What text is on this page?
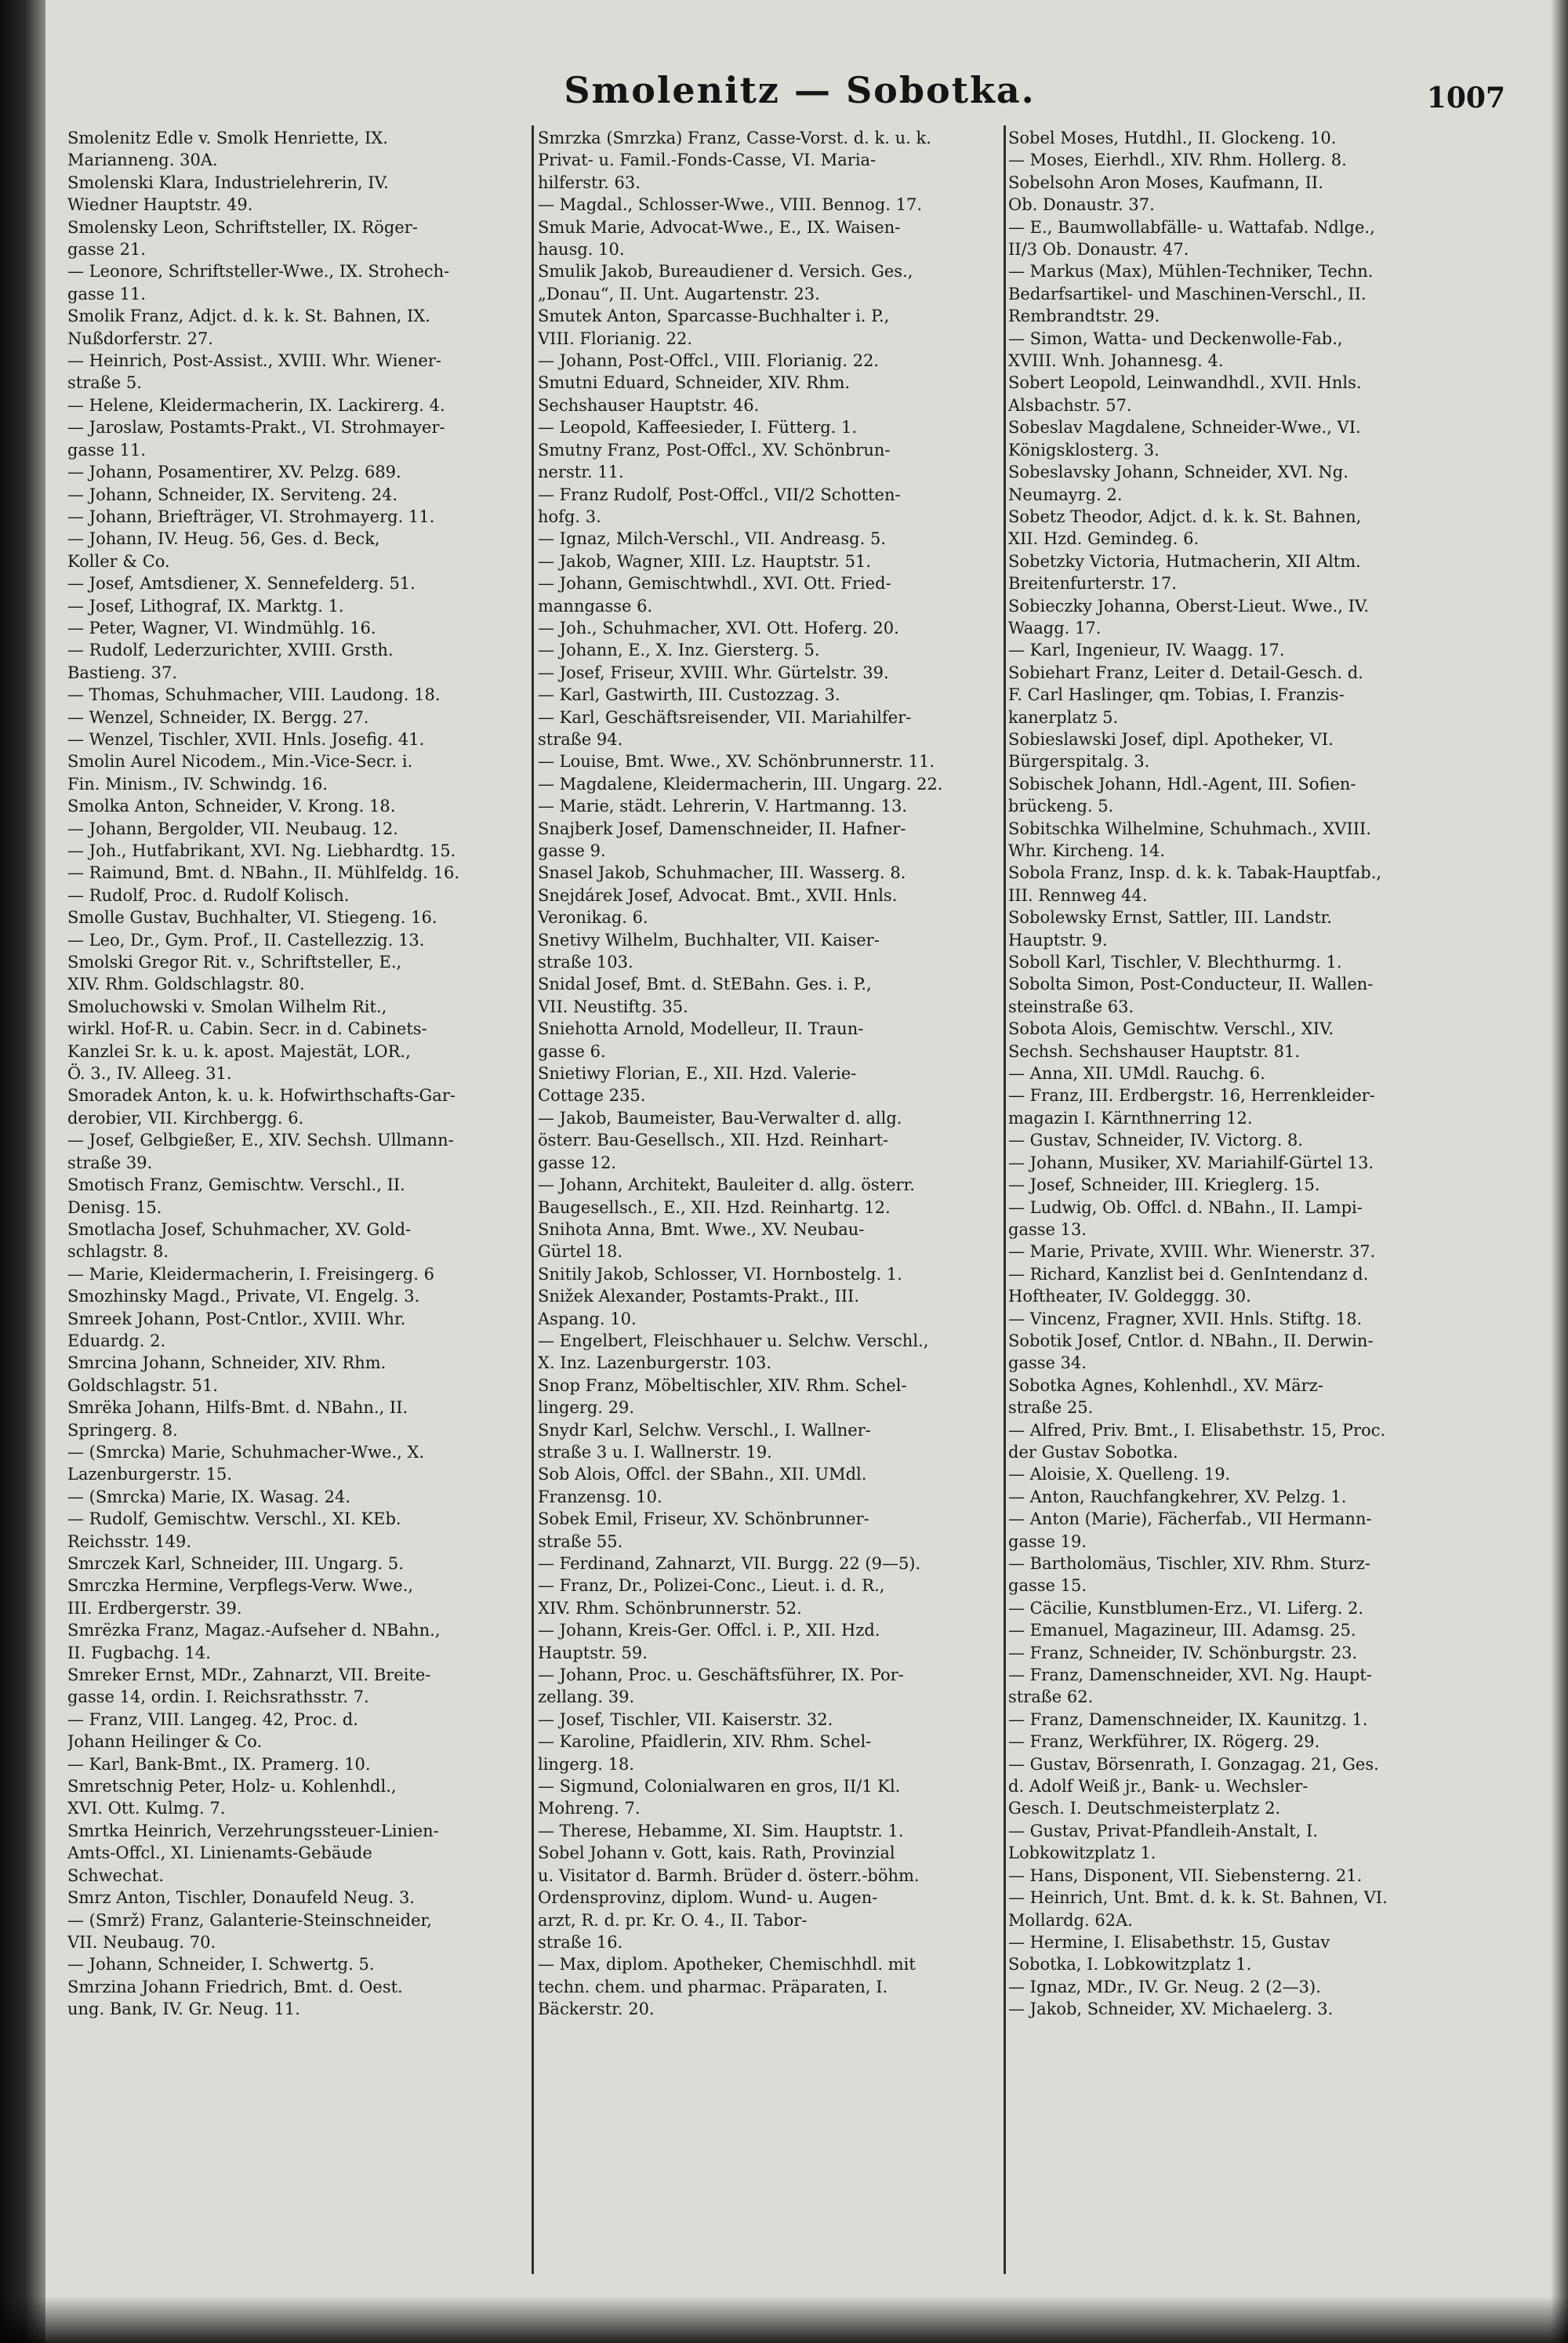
Smolenitz — Sobotka.	1007

Smolenitz Edle v. Smolk Henriette, IX.

Marianneng. 30A.

Smolenski Klara, Industrielehrerin, IV.

Wiedner Hauptstr. 49.

Smolensky Leon, Schriftsteller, IX. Röger-

gasse 21.

— Leonore, Schriftsteller-Wwe., IX. Strohech-

gasse 11.

Smolik Franz, Adjct. d. k. k. St. Bahnen, IX.

Nußdorferstr. 27.

— Heinrich, Post-Assist., XVIII. Whr. Wiener-

straße 5.

— Helene, Kleidermacherin, IX. Lackirerg. 4.

— Jaroslaw, Postamts-Prakt., VI. Strohmayer-

gasse 11.

— Johann, Posamentirer, XV. Pelzg. 689.

— Johann, Schneider, IX. Serviteng. 24.

— Johann, Briefträger, VI. Strohmayerg. 11.

— Johann, IV. Heug. 56, Ges. d. Beck,

Koller & Co.

— Josef, Amtsdiener, X. Sennefelderg. 51.

— Josef, Lithograf, IX. Marktg. 1.

— Peter, Wagner, VI. Windmühlg. 16.

— Rudolf, Lederzurichter, XVIII. Grsth.

Bastieng. 37.

— Thomas, Schuhmacher, VIII. Laudong. 18.

— Wenzel, Schneider, IX. Bergg. 27.

— Wenzel, Tischler, XVII. Hnls. Josefig. 41.

Smolin Aurel Nicodem., Min.-Vice-Secr. i.

Fin. Minism., IV. Schwindg. 16.

Smolka Anton, Schneider, V. Krong. 18.

— Johann, Bergolder, VII. Neubaug. 12.

— Joh., Hutfabrikant, XVI. Ng. Liebhardtg. 15.

— Raimund, Bmt. d. NBahn., II. Mühlfeldg. 16.

— Rudolf, Proc. d. Rudolf Kolisch.

Smolle Gustav, Buchhalter, VI. Stiegeng. 16.

— Leo, Dr., Gym. Prof., II. Castellezzig. 13.

Smolski Gregor Rit. v., Schriftsteller, E.,

XIV. Rhm. Goldschlagstr. 80.

Smoluchowski v. Smolan Wilhelm Rit.,

wirkl. Hof-R. u. Cabin. Secr. in d. Cabinets-

Kanzlei Sr. k. u. k. apost. Majestät, LOR.,

Ö. 3., IV. Alleeg. 31.

Smoradek Anton, k. u. k. Hofwirthschafts-Gar-

derobier, VII. Kirchbergg. 6.

— Josef, Gelbgießer, E., XIV. Sechsh. Ullmann-

straße 39.

Smotisch Franz, Gemischtw. Verschl., II.

Denisg. 15.

Smotlacha Josef, Schuhmacher, XV. Gold-

schlagstr. 8.

— Marie, Kleidermacherin, I. Freisingerg. 6

Smozhinsky Magd., Private, VI. Engelg. 3.

Smreek Johann, Post-Cntlor., XVIII. Whr.

Eduardg. 2.

Smrcina Johann, Schneider, XIV. Rhm.

Goldschlagstr. 51.

Smrëka Johann, Hilfs-Bmt. d. NBahn., II.

Springerg. 8.

— (Smrcka) Marie, Schuhmacher-Wwe., X.

Lazenburgerstr. 15.

— (Smrcka) Marie, IX. Wasag. 24.

— Rudolf, Gemischtw. Verschl., XI. KEb.

Reichsstr. 149.

Smrczek Karl, Schneider, III. Ungarg. 5.

Smrczka Hermine, Verpflegs-Verw. Wwe.,

III. Erdbergerstr. 39.

Smrëzka Franz, Magaz.-Aufseher d. NBahn.,

II. Fugbachg. 14.

Smreker Ernst, MDr., Zahnarzt, VII. Breite-

gasse 14, ordin. I. Reichsrathsstr. 7.

— Franz, VIII. Langeg. 42, Proc. d.

Johann Heilinger & Co.

— Karl, Bank-Bmt., IX. Pramerg. 10.

Smretschnig Peter, Holz- u. Kohlenhdl.,

XVI. Ott. Kulmg. 7.

Smrtka Heinrich, Verzehrungssteuer-Linien-

Amts-Offcl., XI. Linienamts-Gebäude

Schwechat.

Smrz Anton, Tischler, Donaufeld Neug. 3.

— (Smrž) Franz, Galanterie-Steinschneider,

VII. Neubaug. 70.

— Johann, Schneider, I. Schwertg. 5.

Smrzina Johann Friedrich, Bmt. d. Oest.

ung. Bank, IV. Gr. Neug. 11.

Smrzka (Smrzka) Franz, Casse-Vorst. d. k. u. k.

Privat- u. Famil.-Fonds-Casse, VI. Maria-

hilferstr. 63.

— Magdal., Schlosser-Wwe., VIII. Bennog. 17.

Smuk Marie, Advocat-Wwe., E., IX. Waisen-

hausg. 10.

Smulik Jakob, Bureaudiener d. Versich. Ges.,

„Donau“, II. Unt. Augartenstr. 23.

Smutek Anton, Sparcasse-Buchhalter i. P.,

VIII. Florianig. 22.

— Johann, Post-Offcl., VIII. Florianig. 22.

Smutni Eduard, Schneider, XIV. Rhm.

Sechshauser Hauptstr. 46.

— Leopold, Kaffeesieder, I. Fütterg. 1.

Smutny Franz, Post-Offcl., XV. Schönbrun-

nerstr. 11.

— Franz Rudolf, Post-Offcl., VII/2 Schotten-

hofg. 3.

— Ignaz, Milch-Verschl., VII. Andreasg. 5.

— Jakob, Wagner, XIII. Lz. Hauptstr. 51.

— Johann, Gemischtwhdl., XVI. Ott. Fried-

manngasse 6.

— Joh., Schuhmacher, XVI. Ott. Hoferg. 20.

— Johann, E., X. Inz. Giersterg. 5.

— Josef, Friseur, XVIII. Whr. Gürtelstr. 39.

— Karl, Gastwirth, III. Custozzag. 3.

— Karl, Geschäftsreisender, VII. Mariahilfer-

straße 94.

— Louise, Bmt. Wwe., XV. Schönbrunnerstr. 11.

— Magdalene, Kleidermacherin, III. Ungarg. 22.

— Marie, städt. Lehrerin, V. Hartmanng. 13.

Snajberk Josef, Damenschneider, II. Hafner-

gasse 9.

Snasel Jakob, Schuhmacher, III. Wasserg. 8.

Snejdárek Josef, Advocat. Bmt., XVII. Hnls.

Veronikag. 6.

Snetivy Wilhelm, Buchhalter, VII. Kaiser-

straße 103.

Snidal Josef, Bmt. d. StEBahn. Ges. i. P.,

VII. Neustiftg. 35.

Sniehotta Arnold, Modelleur, II. Traun-

gasse 6.

Snietiwy Florian, E., XII. Hzd. Valerie-

Cottage 235.

— Jakob, Baumeister, Bau-Verwalter d. allg.

österr. Bau-Gesellsch., XII. Hzd. Reinhart-

gasse 12.

— Johann, Architekt, Bauleiter d. allg. österr.

Baugesellsch., E., XII. Hzd. Reinhartg. 12.

Snihota Anna, Bmt. Wwe., XV. Neubau-

Gürtel 18.

Snitily Jakob, Schlosser, VI. Hornbostelg. 1.

Snižek Alexander, Postamts-Prakt., III.

Aspang. 10.

— Engelbert, Fleischhauer u. Selchw. Verschl.,

X. Inz. Lazenburgerstr. 103.

Snop Franz, Möbeltischler, XIV. Rhm. Schel-

lingerg. 29.

Snydr Karl, Selchw. Verschl., I. Wallner-

straße 3 u. I. Wallnerstr. 19.

Sob Alois, Offcl. der SBahn., XII. UMdl.

Franzensg. 10.

Sobek Emil, Friseur, XV. Schönbrunner-

straße 55.

— Ferdinand, Zahnarzt, VII. Burgg. 22 (9—5).

— Franz, Dr., Polizei-Conc., Lieut. i. d. R.,

XIV. Rhm. Schönbrunnerstr. 52.

— Johann, Kreis-Ger. Offcl. i. P., XII. Hzd.

Hauptstr. 59.

— Johann, Proc. u. Geschäftsführer, IX. Por-

zellang. 39.

— Josef, Tischler, VII. Kaiserstr. 32.

— Karoline, Pfaidlerin, XIV. Rhm. Schel-

lingerg. 18.

— Sigmund, Colonialwaren en gros, II/1 Kl.

Mohreng. 7.

— Therese, Hebamme, XI. Sim. Hauptstr. 1.

Sobel Johann v. Gott, kais. Rath, Provinzial

u. Visitator d. Barmh. Brüder d. österr.-böhm.

Ordensprovinz, diplom. Wund- u. Augen-

arzt, R. d. pr. Kr. O. 4., II. Tabor-

straße 16.

— Max, diplom. Apotheker, Chemischhdl. mit

techn. chem. und pharmac. Präparaten, I.

Bäckerstr. 20.

Sobel Moses, Hutdhl., II. Glockeng. 10.

— Moses, Eierhdl., XIV. Rhm. Hollerg. 8.

Sobelsohn Aron Moses, Kaufmann, II.

Ob. Donaustr. 37.

— E., Baumwollabfälle- u. Wattafab. Ndlge.,

II/3 Ob. Donaustr. 47.

— Markus (Max), Mühlen-Techniker, Techn.

Bedarfsartikel- und Maschinen-Verschl., II.

Rembrandtstr. 29.

— Simon, Watta- und Deckenwolle-Fab.,

XVIII. Wnh. Johannesg. 4.

Sobert Leopold, Leinwandhdl., XVII. Hnls.

Alsbachstr. 57.

Sobeslav Magdalene, Schneider-Wwe., VI.

Königsklosterg. 3.

Sobeslavsky Johann, Schneider, XVI. Ng.

Neumayrg. 2.

Sobetz Theodor, Adjct. d. k. k. St. Bahnen,

XII. Hzd. Gemindeg. 6.

Sobetzky Victoria, Hutmacherin, XII Altm.

Breitenfurterstr. 17.

Sobieczky Johanna, Oberst-Lieut. Wwe., IV.

Waagg. 17.

— Karl, Ingenieur, IV. Waagg. 17.

Sobiehart Franz, Leiter d. Detail-Gesch. d.

F. Carl Haslinger, qm. Tobias, I. Franzis-

kanerplatz 5.

Sobieslawski Josef, dipl. Apotheker, VI.

Bürgerspitalg. 3.

Sobischek Johann, Hdl.-Agent, III. Sofien-

brückeng. 5.

Sobitschka Wilhelmine, Schuhmach., XVIII.

Whr. Kircheng. 14.

Sobola Franz, Insp. d. k. k. Tabak-Hauptfab.,

III. Rennweg 44.

Sobolewsky Ernst, Sattler, III. Landstr.

Hauptstr. 9.

Soboll Karl, Tischler, V. Blechthurmg. 1.

Sobolta Simon, Post-Conducteur, II. Wallen-

steinstraße 63.

Sobota Alois, Gemischtw. Verschl., XIV.

Sechsh. Sechshauser Hauptstr. 81.

— Anna, XII. UMdl. Rauchg. 6.

— Franz, III. Erdbergstr. 16, Herrenkleider-

magazin I. Kärnthnerring 12.

— Gustav, Schneider, IV. Victorg. 8.

— Johann, Musiker, XV. Mariahilf-Gürtel 13.

— Josef, Schneider, III. Krieglerg. 15.

— Ludwig, Ob. Offcl. d. NBahn., II. Lampi-

gasse 13.

— Marie, Private, XVIII. Whr. Wienerstr. 37.

— Richard, Kanzlist bei d. GenIntendanz d.

Hoftheater, IV. Goldeggg. 30.

— Vincenz, Fragner, XVII. Hnls. Stiftg. 18.

Sobotik Josef, Cntlor. d. NBahn., II. Derwin-

gasse 34.

Sobotka Agnes, Kohlenhdl., XV. März-

straße 25.

— Alfred, Priv. Bmt., I. Elisabethstr. 15, Proc.

der Gustav Sobotka.

— Aloisie, X. Quelleng. 19.

— Anton, Rauchfangkehrer, XV. Pelzg. 1.

— Anton (Marie), Fächerfab., VII Hermann-

gasse 19.

— Bartholomäus, Tischler, XIV. Rhm. Sturz-

gasse 15.

— Cäcilie, Kunstblumen-Erz., VI. Liferg. 2.

— Emanuel, Magazineur, III. Adamsg. 25.

— Franz, Schneider, IV. Schönburgstr. 23.

— Franz, Damenschneider, XVI. Ng. Haupt-

straße 62.

— Franz, Damenschneider, IX. Kaunitzg. 1.

— Franz, Werkführer, IX. Rögerg. 29.

— Gustav, Börsenrath, I. Gonzagag. 21, Ges.

d. Adolf Weiß jr., Bank- u. Wechsler-

Gesch. I. Deutschmeisterplatz 2.

— Gustav, Privat-Pfandleih-Anstalt, I.

Lobkowitzplatz 1.

— Hans, Disponent, VII. Siebensterng. 21.

— Heinrich, Unt. Bmt. d. k. k. St. Bahnen, VI.

Mollardg. 62A.

— Hermine, I. Elisabethstr. 15, Gustav

Sobotka, I. Lobkowitzplatz 1.

— Ignaz, MDr., IV. Gr. Neug. 2 (2—3).

— Jakob, Schneider, XV. Michaelerg. 3.
